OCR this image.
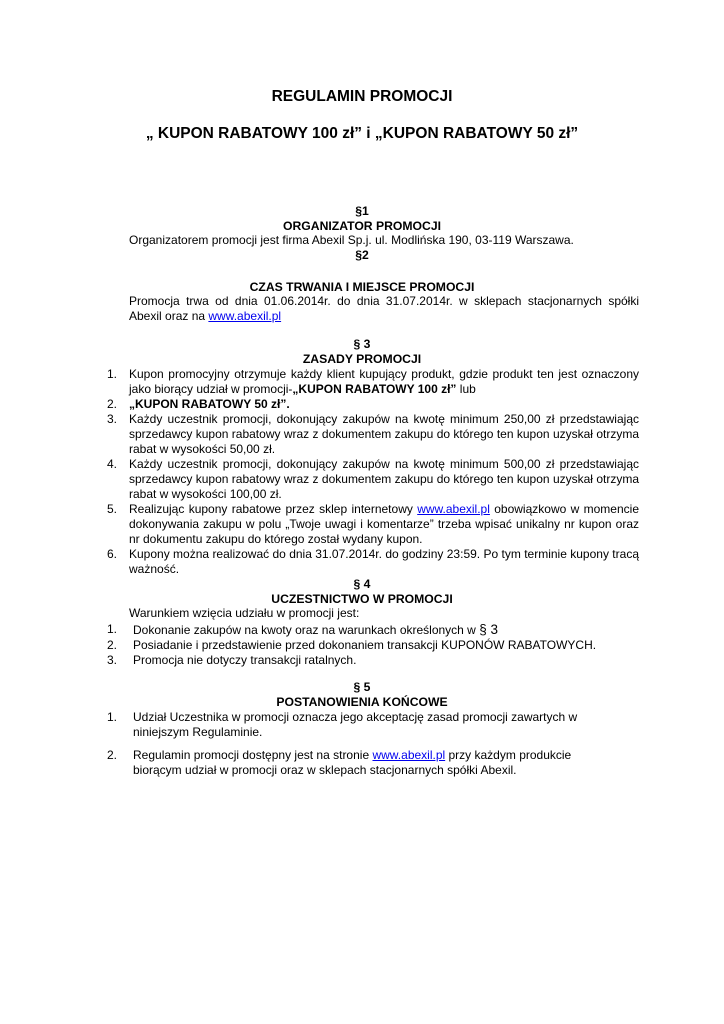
REGULAMIN PROMOCJI
„ KUPON RABATOWY 100 zł” i „KUPON RABATOWY 50 zł”
§1
ORGANIZATOR PROMOCJI
Organizatorem promocji jest firma Abexil Sp.j. ul. Modlińska 190, 03-119 Warszawa.
§2
CZAS TRWANIA I MIEJSCE PROMOCJI
Promocja trwa od dnia 01.06.2014r. do dnia 31.07.2014r. w sklepach stacjonarnych spółki Abexil oraz na www.abexil.pl
§ 3
ZASADY PROMOCJI
1. Kupon promocyjny otrzymuje każdy klient kupujący produkt, gdzie produkt ten jest oznaczony jako biorący udział w promocji-„KUPON RABATOWY 100 zł” lub
2. „KUPON RABATOWY 50 zł”.
3. Każdy uczestnik promocji, dokonujący zakupów na kwotę minimum 250,00 zł przedstawiając sprzedawcy kupon rabatowy wraz z dokumentem zakupu do którego ten kupon uzyskał otrzyma rabat w wysokości 50,00 zł.
4. Każdy uczestnik promocji, dokonujący zakupów na kwotę minimum 500,00 zł przedstawiając sprzedawcy kupon rabatowy wraz z dokumentem zakupu do którego ten kupon uzyskał otrzyma rabat w wysokości 100,00 zł.
5. Realizując kupony rabatowe przez sklep internetowy www.abexil.pl obowiązkowo w momencie dokonywania zakupu w polu „Twoje uwagi i komentarze” trzeba wpisać unikalny nr kupon oraz nr dokumentu zakupu do którego został wydany kupon.
6. Kupony można realizować do dnia 31.07.2014r. do godziny 23:59. Po tym terminie kupony tracą ważność.
§ 4
UCZESTNICTWO W PROMOCJI
Warunkiem wzięcia udziału w promocji jest:
1. Dokonanie zakupów na kwoty oraz na warunkach określonych w § 3
2. Posiadanie i przedstawienie przed dokonaniem transakcji KUPONÓW RABATOWYCH.
3. Promocja nie dotyczy transakcji ratalnych.
§ 5
POSTANOWIENIA KOŃCOWE
1. Udział Uczestnika w promocji oznacza jego akceptację zasad promocji zawartych w niniejszym Regulaminie.
2. Regulamin promocji dostępny jest na stronie www.abexil.pl przy każdym produkcie biorącym udział w promocji oraz w sklepach stacjonarnych spółki Abexil.
